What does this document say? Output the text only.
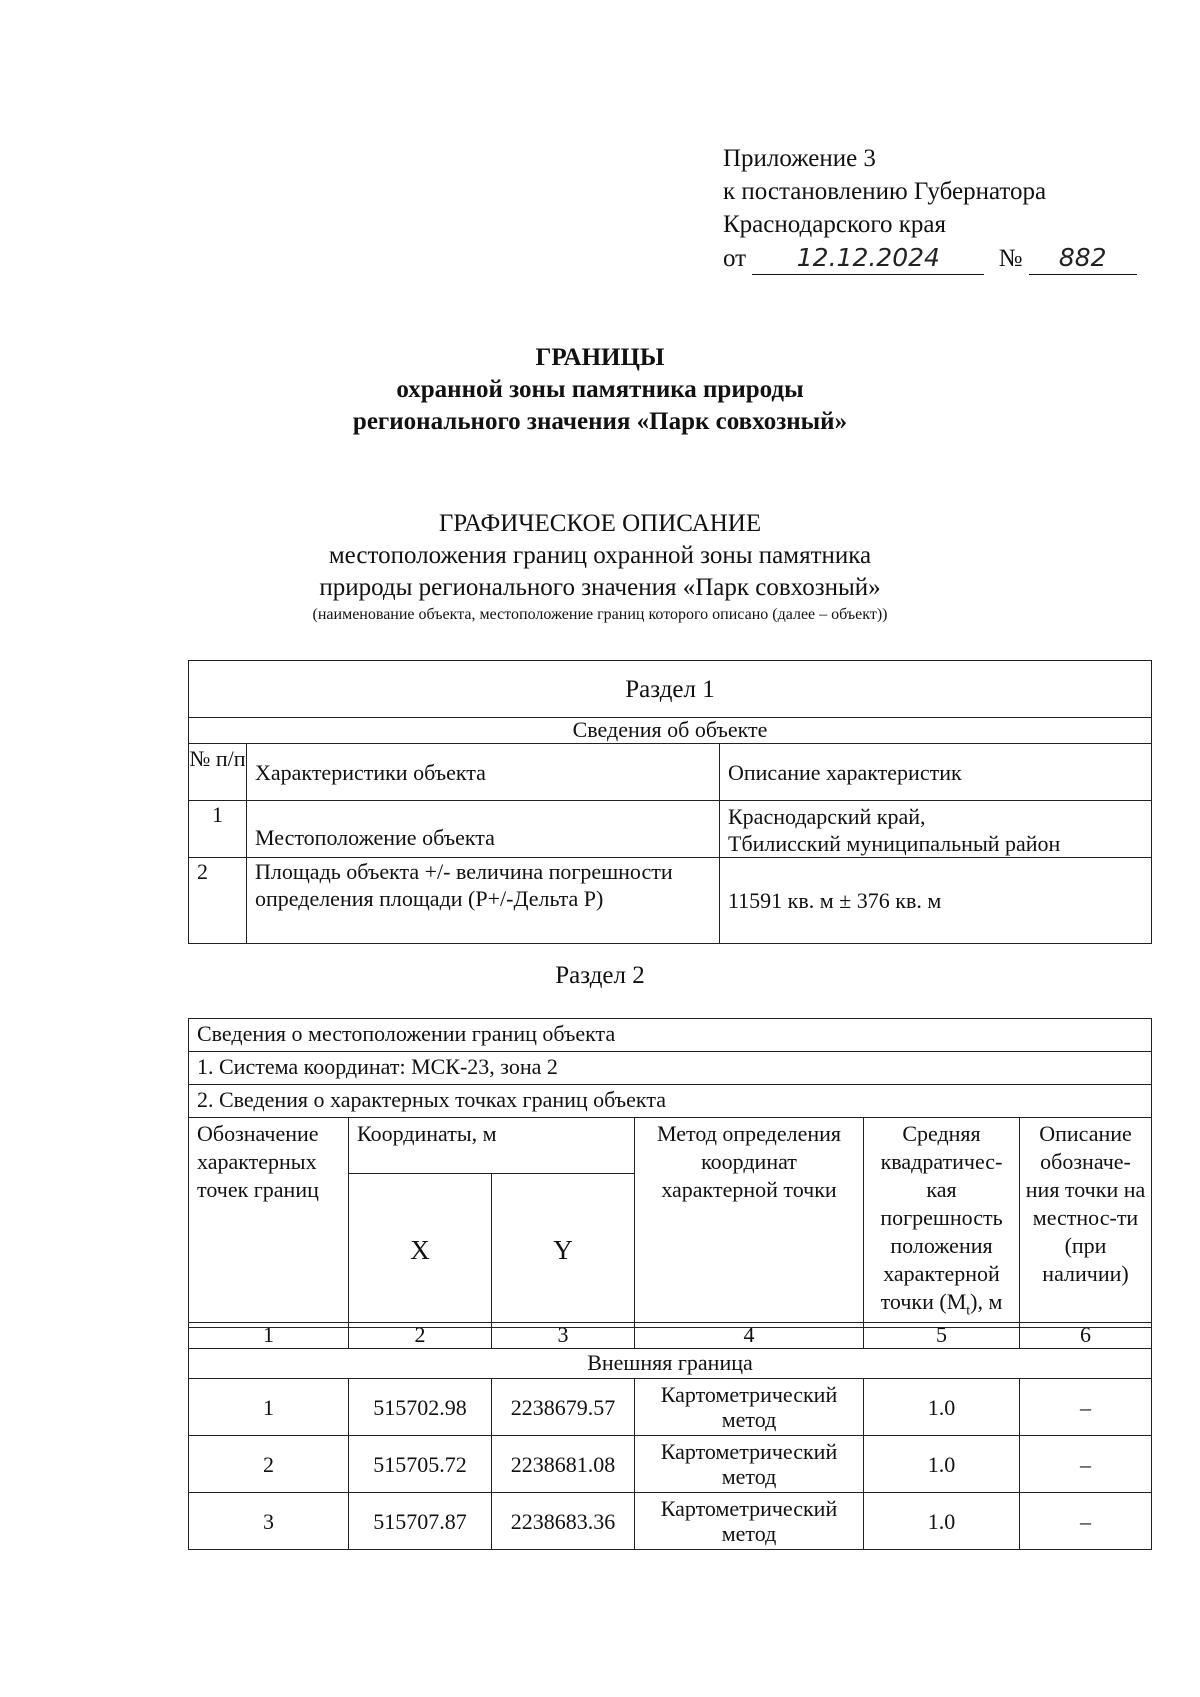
Приложение 3
к постановлению Губернатора
Краснодарского края
от 12.12.2024 № 882
ГРАНИЦЫ
охранной зоны памятника природы
регионального значения «Парк совхозный»
ГРАФИЧЕСКОЕ ОПИСАНИЕ
местоположения границ охранной зоны памятника
природы регионального значения «Парк совхозный»
(наименование объекта, местоположение границ которого описано (далее – объект))
Раздел 1		
Сведения об объекте		
№ п/п	Характеристики объекта	Описание характеристик
1	Местоположение объекта	Краснодарский край,
Тбилисский муниципальный район

2	Площадь объекта +/- величина погрешности определения площади (P+/-Дельта P)	11591 кв. м ± 376 кв. м
Раздел 2
Сведения о местоположении границ объекта					
1. Система координат: МСК-23, зона 2					
2. Сведения о характерных точках границ объекта					
Обозначение характерных точек границ	Координаты, м		Метод определения координат характерной точки	Средняя квадратичес-кая погрешность положения характерной точки $(M_t)$, м	Описание обозначе-ния точки на местнос-ти (при наличии)
	X	Y			
1	2	3	4	5	6
Внешняя граница					
1	515702.98	2238679.57	Картометрический метод	1.0	–
2	515705.72	2238681.08	Картометрический метод	1.0	–
3	515707.87	2238683.36	Картометрический метод	1.0	–
